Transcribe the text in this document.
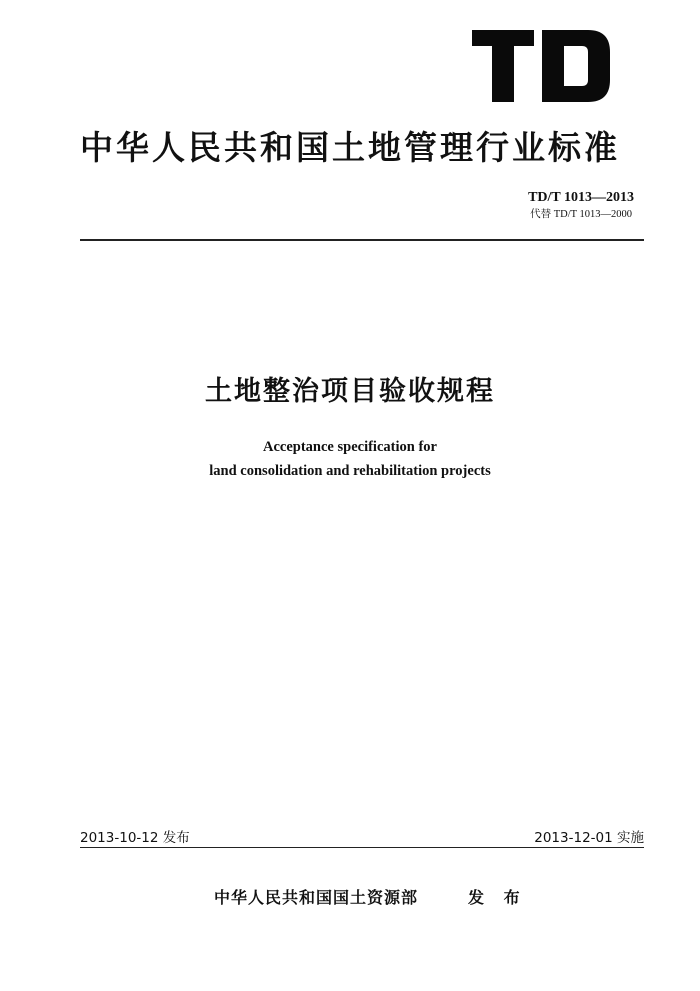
中华人民共和国土地管理行业标准
TD/T 1013—2013
代替 TD/T 1013—2000
土地整治项目验收规程
Acceptance specification for
land consolidation and rehabilitation projects
2013-10-12 发布	2013-12-01 实施
中华人民共和国国土资源部	发 布
